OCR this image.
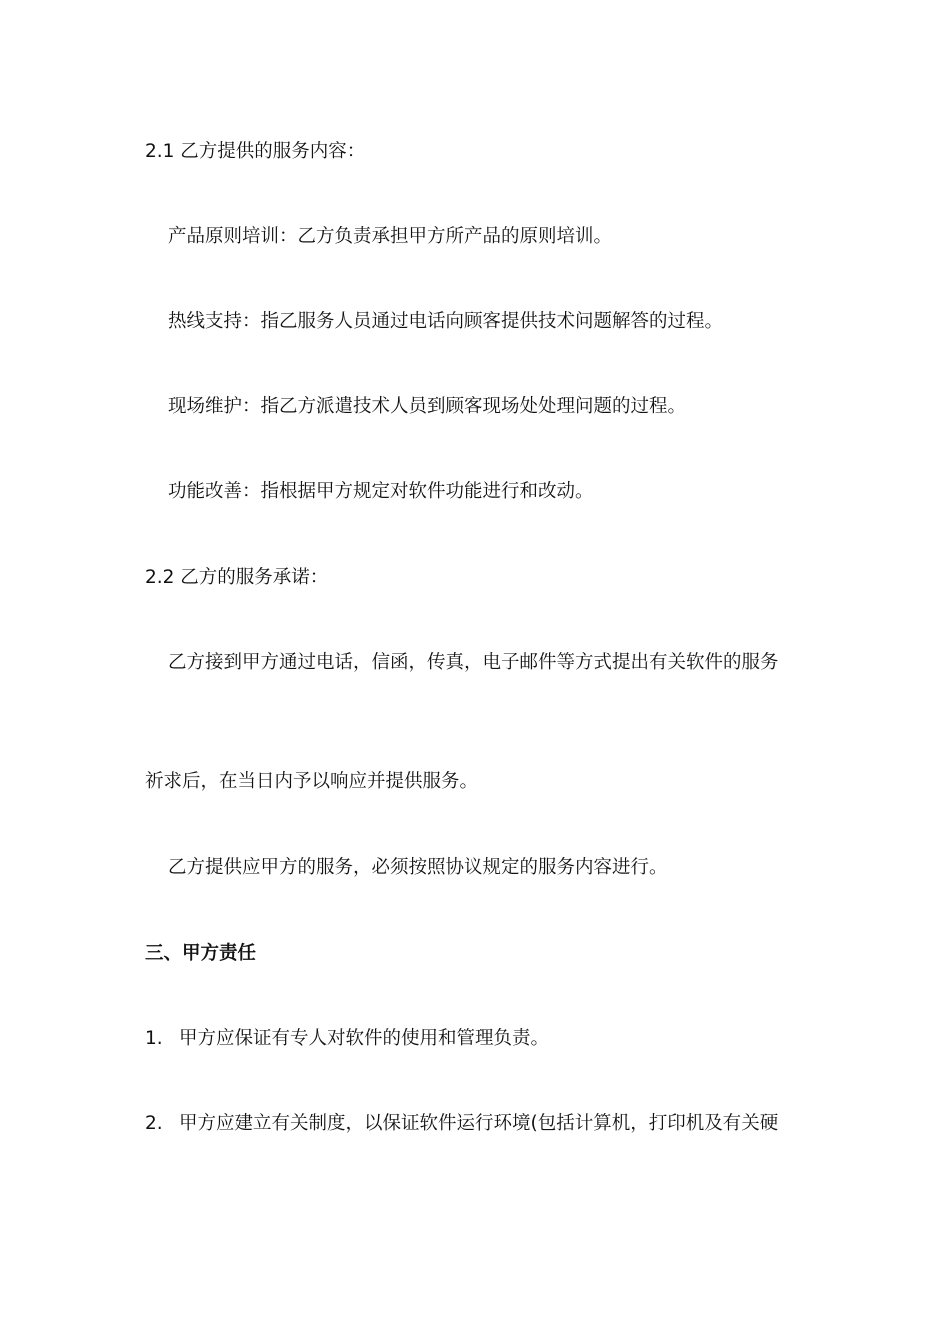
2.1 乙方提供的服务内容：

产品原则培训：乙方负责承担甲方所产品的原则培训。

热线支持：指乙服务人员通过电话向顾客提供技术问题解答的过程。

现场维护：指乙方派遣技术人员到顾客现场处处理问题的过程。

功能改善：指根据甲方规定对软件功能进行和改动。

2.2 乙方的服务承诺：

乙方接到甲方通过电话，信函，传真，电子邮件等方式提出有关软件的服务

祈求后，在当日内予以响应并提供服务。

乙方提供应甲方的服务，必须按照协议规定的服务内容进行。

三、甲方责任

1. 甲方应保证有专人对软件的使用和管理负责。

2. 甲方应建立有关制度，以保证软件运行环境(包括计算机，打印机及有关硬
